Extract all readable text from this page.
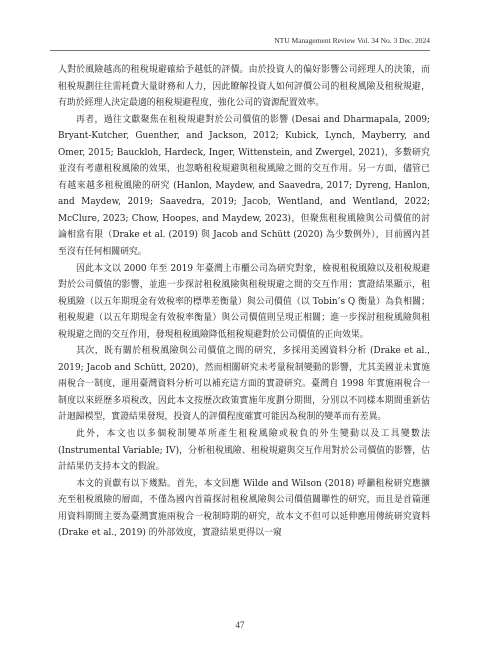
NTU Management Review Vol. 34 No. 3 Dec. 2024

人對於風險越高的租稅規避確給予越低的評價。由於投資人的偏好影響公司經理人的決策，而租稅規劃往往需耗費大量財務和人力，因此瞭解投資人如何評價公司的租稅風險及租稅規避，有助於經理人決定最適的租稅規避程度，強化公司的資源配置效率。

再者，過往文獻聚焦在租稅規避對於公司價值的影響 (Desai and Dharmapala, 2009; Bryant-Kutcher, Guenther, and Jackson, 2012; Kubick, Lynch, Mayberry, and Omer, 2015; Bauckloh, Hardeck, Inger, Wittenstein, and Zwergel, 2021)，多數研究並沒有考慮租稅風險的效果，也忽略租稅規避與租稅風險之間的交互作用。另一方面，儘管已有越來越多租稅風險的研究 (Hanlon, Maydew, and Saavedra, 2017; Dyreng, Hanlon, and Maydew, 2019; Saavedra, 2019; Jacob, Wentland, and Wentland, 2022; McClure, 2023; Chow, Hoopes, and Maydew, 2023)，但聚焦租稅風險與公司價值的討論相當有限（Drake et al. (2019) 與 Jacob and Schütt (2020) 為少數例外），目前國內甚至沒有任何相關研究。

因此本文以 2000 年至 2019 年臺灣上市櫃公司為研究對象，檢視租稅風險以及租稅規避對於公司價值的影響，並進一步探討租稅風險與租稅規避之間的交互作用；實證結果顯示，租稅風險（以五年期現金有效稅率的標準差衡量）與公司價值（以 Tobin’s Q 衡量）為負相關；租稅規避（以五年期現金有效稅率衡量）與公司價值則呈現正相關；進一步探討租稅風險與租稅規避之間的交互作用，發現租稅風險降低租稅規避對於公司價值的正向效果。

其次，既有關於租稅風險與公司價值之間的研究，多採用美國資料分析 (Drake et al., 2019; Jacob and Schütt, 2020)，然而相關研究未考量稅制變動的影響，尤其美國並未實施兩稅合一制度，運用臺灣資料分析可以補充這方面的實證研究。臺灣自 1998 年實施兩稅合一制度以來經歷多項稅改，因此本文按歷次政策實施年度劃分期間，分別以不同樣本期間重新估計迴歸模型，實證結果發現，投資人的評價程度確實可能因為稅制的變革而有差異。

此外，本文也以多個稅制變革所產生租稅風險或稅負的外生變動以及工具變數法 (Instrumental Variable; IV)，分析租稅風險、租稅規避與交互作用對於公司價值的影響，估計結果仍支持本文的假說。

本文的貢獻有以下幾點。首先，本文回應 Wilde and Wilson (2018) 呼籲租稅研究應擴充至租稅風險的層面，不僅為國內首篇探討租稅風險與公司價值關聯性的研究，而且是首篇運用資料期間主要為臺灣實施兩稅合一稅制時期的研究，故本文不但可以延伸應用傳統研究資料 (Drake et al., 2019) 的外部效度，實證結果更得以一窺

47
